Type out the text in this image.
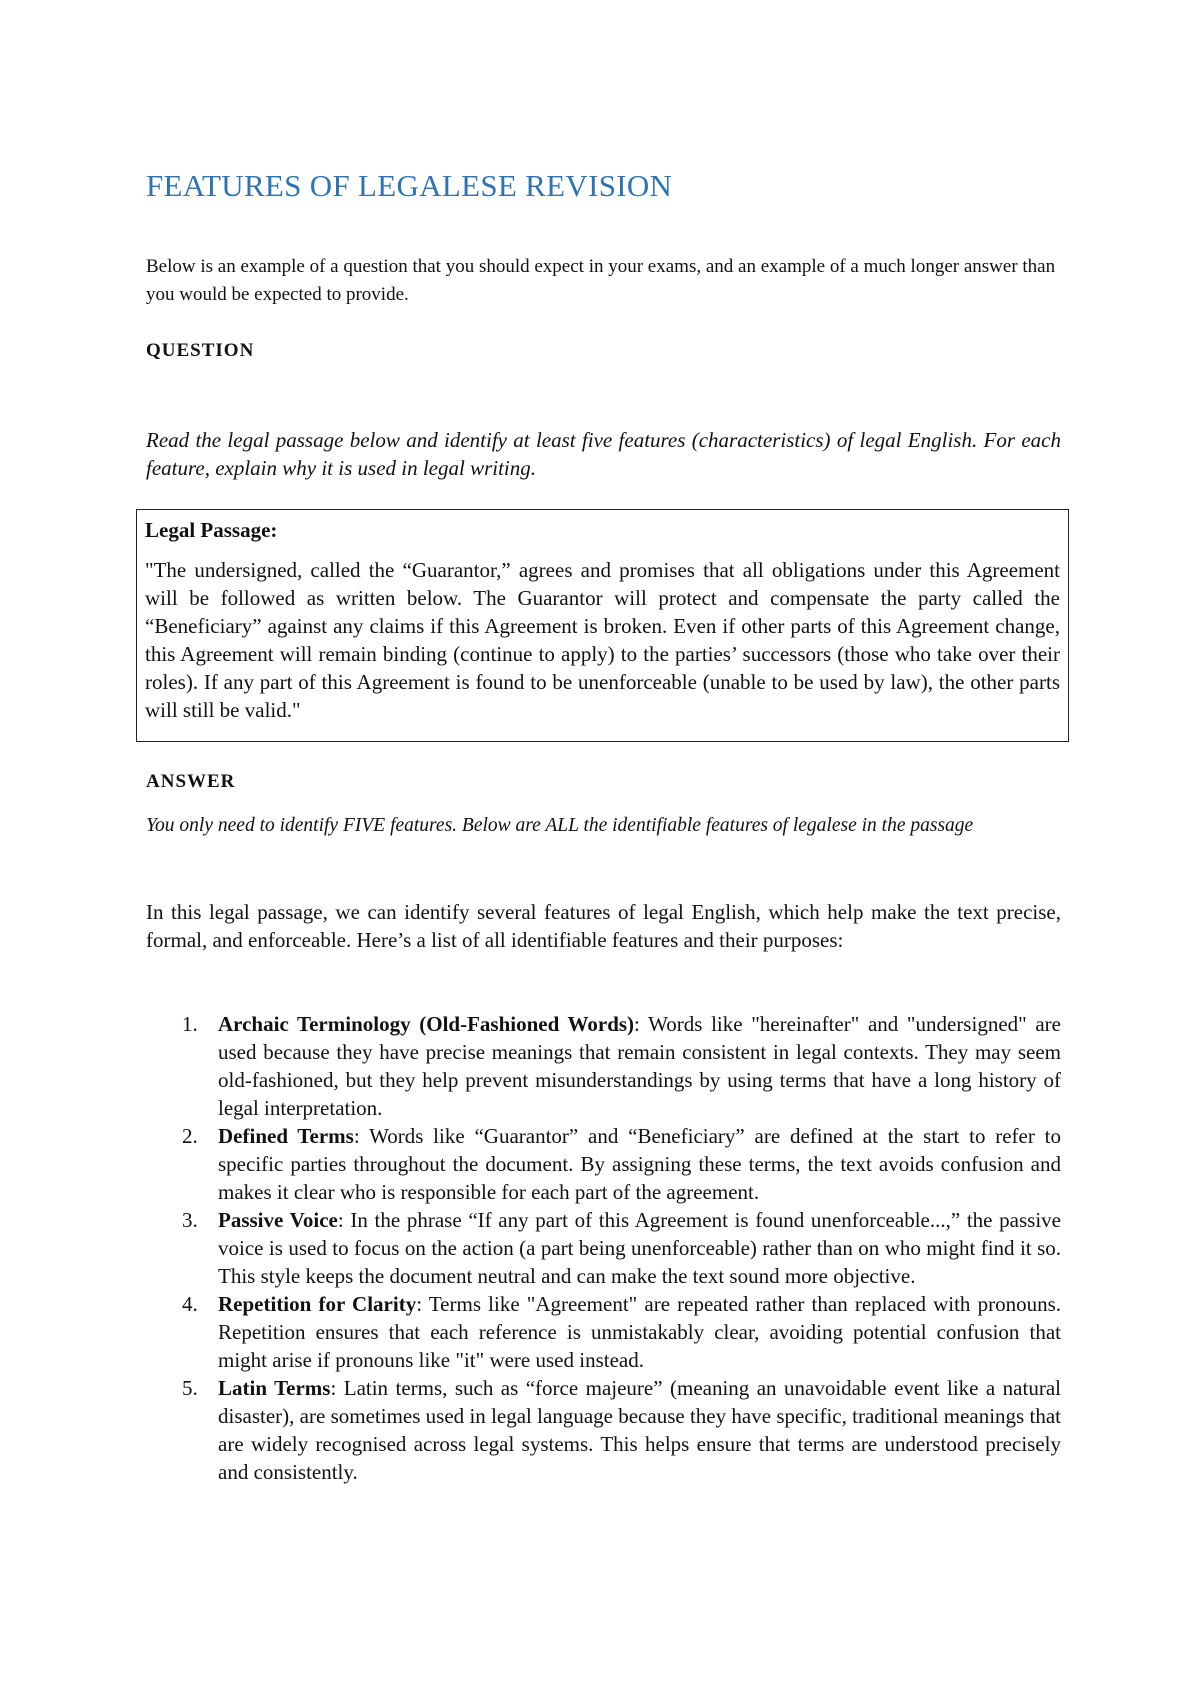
FEATURES OF LEGALESE REVISION

Below is an example of a question that you should expect in your exams, and an example of a much longer answer than you would be expected to provide.

QUESTION

Read the legal passage below and identify at least five features (characteristics) of legal English. For each feature, explain why it is used in legal writing.

Legal Passage:

"The undersigned, called the “Guarantor,” agrees and promises that all obligations under this Agreement will be followed as written below. The Guarantor will protect and compensate the party called the “Beneficiary” against any claims if this Agreement is broken. Even if other parts of this Agreement change, this Agreement will remain binding (continue to apply) to the parties’ successors (those who take over their roles). If any part of this Agreement is found to be unenforceable (unable to be used by law), the other parts will still be valid."

ANSWER

You only need to identify FIVE features. Below are ALL the identifiable features of legalese in the passage

In this legal passage, we can identify several features of legal English, which help make the text precise, formal, and enforceable. Here’s a list of all identifiable features and their purposes:

1. Archaic Terminology (Old-Fashioned Words): Words like "hereinafter" and "undersigned" are used because they have precise meanings that remain consistent in legal contexts. They may seem old-fashioned, but they help prevent misunderstandings by using terms that have a long history of legal interpretation.
2. Defined Terms: Words like “Guarantor” and “Beneficiary” are defined at the start to refer to specific parties throughout the document. By assigning these terms, the text avoids confusion and makes it clear who is responsible for each part of the agreement.
3. Passive Voice: In the phrase “If any part of this Agreement is found unenforceable...,” the passive voice is used to focus on the action (a part being unenforceable) rather than on who might find it so. This style keeps the document neutral and can make the text sound more objective.
4. Repetition for Clarity: Terms like "Agreement" are repeated rather than replaced with pronouns. Repetition ensures that each reference is unmistakably clear, avoiding potential confusion that might arise if pronouns like "it" were used instead.
5. Latin Terms: Latin terms, such as “force majeure” (meaning an unavoidable event like a natural disaster), are sometimes used in legal language because they have specific, traditional meanings that are widely recognised across legal systems. This helps ensure that terms are understood precisely and consistently.
